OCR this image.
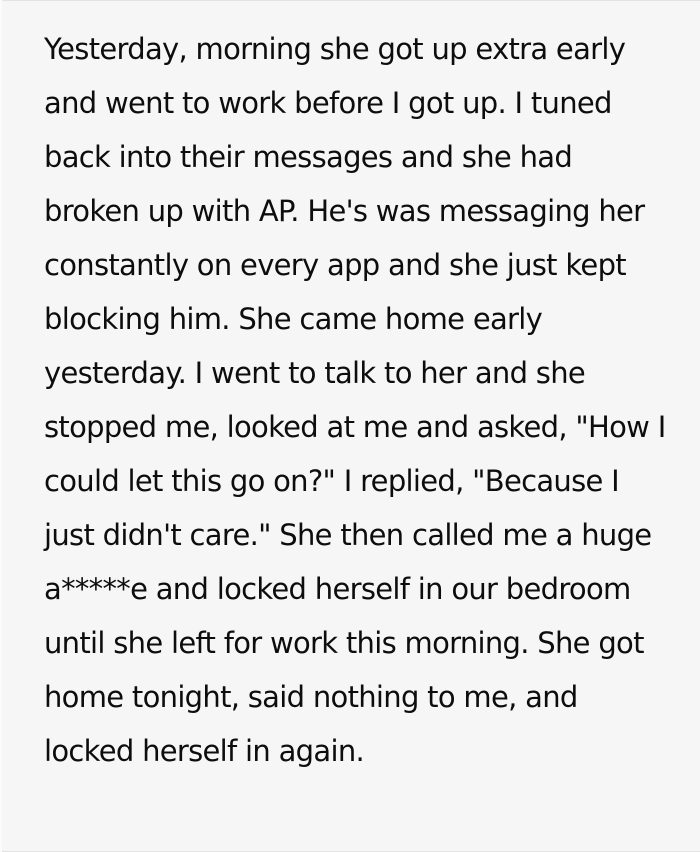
Yesterday, morning she got up extra early and went to work before I got up. I tuned back into their messages and she had broken up with AP. He's was messaging her constantly on every app and she just kept blocking him. She came home early yesterday. I went to talk to her and she stopped me, looked at me and asked, "How I could let this go on?" I replied, "Because I just didn't care." She then called me a huge a*****e and locked herself in our bedroom until she left for work this morning. She got home tonight, said nothing to me, and locked herself in again.
